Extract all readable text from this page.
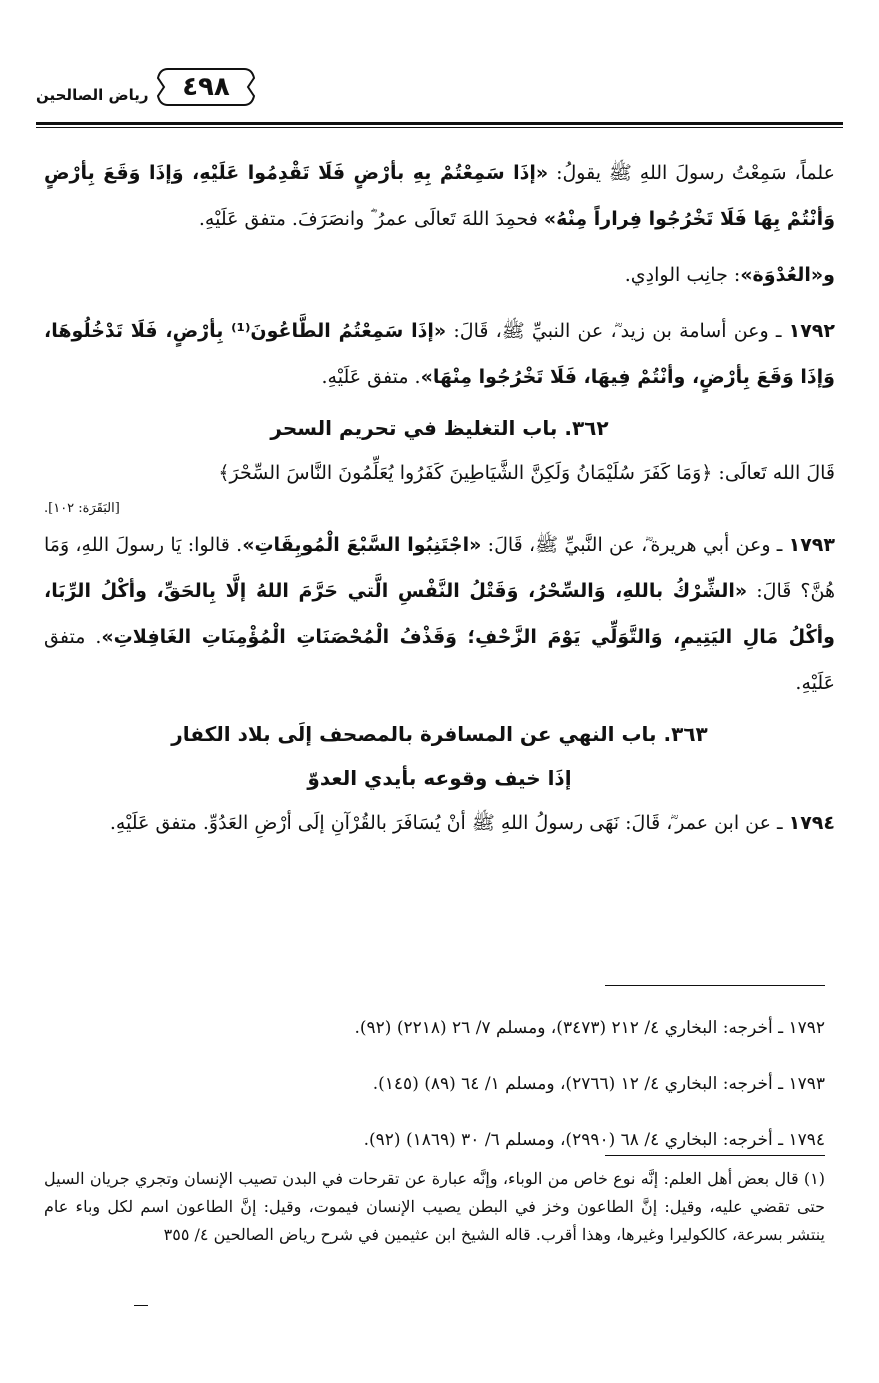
رياض الصالحين	٤٩٨

علماً، سَمِعْتُ رسولَ اللهِ ﷺ يقولُ: «إذَا سَمِعْتُمْ بِهِ بأرْضٍ فَلَا تَقْدِمُوا عَلَيْهِ، وَإذَا وَقَعَ بِأرْضٍ وَأنْتُمْ بِهَا فَلَا تَخْرُجُوا فِراراً مِنْهُ» فحمِدَ اللهَ تَعالَى عمرُ ؓ وانصَرَفَ. متفق عَلَيْهِ.

و«العُدْوَة»: جانِب الوادِي.

١٧٩٢ ـ وعن أسامة بن زيد ؓ، عن النبيِّ ﷺ، قَالَ: «إذَا سَمِعْتُمُ الطَّاعُونَ⁽¹⁾ بِأرْضٍ، فَلَا تَدْخُلُوهَا، وَإذَا وَقَعَ بِأرْضٍ، وأنْتُمْ فِيهَا، فَلَا تَخْرُجُوا مِنْهَا». متفق عَلَيْهِ.

٣٦٢. باب التغليظ في تحريم السحر

قَالَ الله تَعالَى: ﴿وَمَا كَفَرَ سُلَيْمَانُ وَلَكِنَّ الشَّيَاطِينَ كَفَرُوا يُعَلِّمُونَ النَّاسَ السِّحْرَ﴾

[البَقَرَة: ١٠٢].

١٧٩٣ ـ وعن أبي هريرة ؓ، عن النَّبيِّ ﷺ، قَالَ: «اجْتَنِبُوا السَّبْعَ الْمُوبِقَاتِ». قالوا: يَا رسولَ اللهِ، وَمَا هُنَّ؟ قَالَ: «الشِّرْكُ باللهِ، وَالسِّحْرُ، وَقَتْلُ النَّفْسِ الَّتي حَرَّمَ اللهُ إلَّا بِالحَقِّ، وأكْلُ الرِّبَا، وأكْلُ مَالِ اليَتِيمِ، وَالتَّوَلِّي يَوْمَ الزَّحْفِ؛ وَقَذْفُ الْمُحْصَنَاتِ الْمُؤْمِنَاتِ الغَافِلاتِ». متفق عَلَيْهِ.

٣٦٣. باب النهي عن المسافرة بالمصحف إلَى بلاد الكفار
إذَا خيف وقوعه بأيدي العدوّ

١٧٩٤ ـ عن ابن عمر ؓ، قَالَ: نَهَى رسولُ اللهِ ﷺ أنْ يُسَافَرَ بالقُرْآنِ إلَى أرْضِ العَدُوِّ. متفق عَلَيْهِ.

١٧٩٢ ـ أخرجه: البخاري ٤/ ٢١٢ (٣٤٧٣)، ومسلم ٧/ ٢٦ (٢٢١٨) (٩٢).

١٧٩٣ ـ أخرجه: البخاري ٤/ ١٢ (٢٧٦٦)، ومسلم ١/ ٦٤ (٨٩) (١٤٥).

١٧٩٤ ـ أخرجه: البخاري ٤/ ٦٨ (٢٩٩٠)، ومسلم ٦/ ٣٠ (١٨٦٩) (٩٢).

(١) قال بعض أهل العلم: إنَّه نوع خاص من الوباء، وإنَّه عبارة عن تقرحات في البدن تصيب الإنسان وتجري جريان السيل حتى تقضي عليه، وقيل: إنَّ الطاعون وخز في البطن يصيب الإنسان فيموت، وقيل: إنَّ الطاعون اسم لكل وباء عام ينتشر بسرعة، كالكوليرا وغيرها، وهذا أقرب. قاله الشيخ ابن عثيمين في شرح رياض الصالحين ٤/ ٣٥٥
